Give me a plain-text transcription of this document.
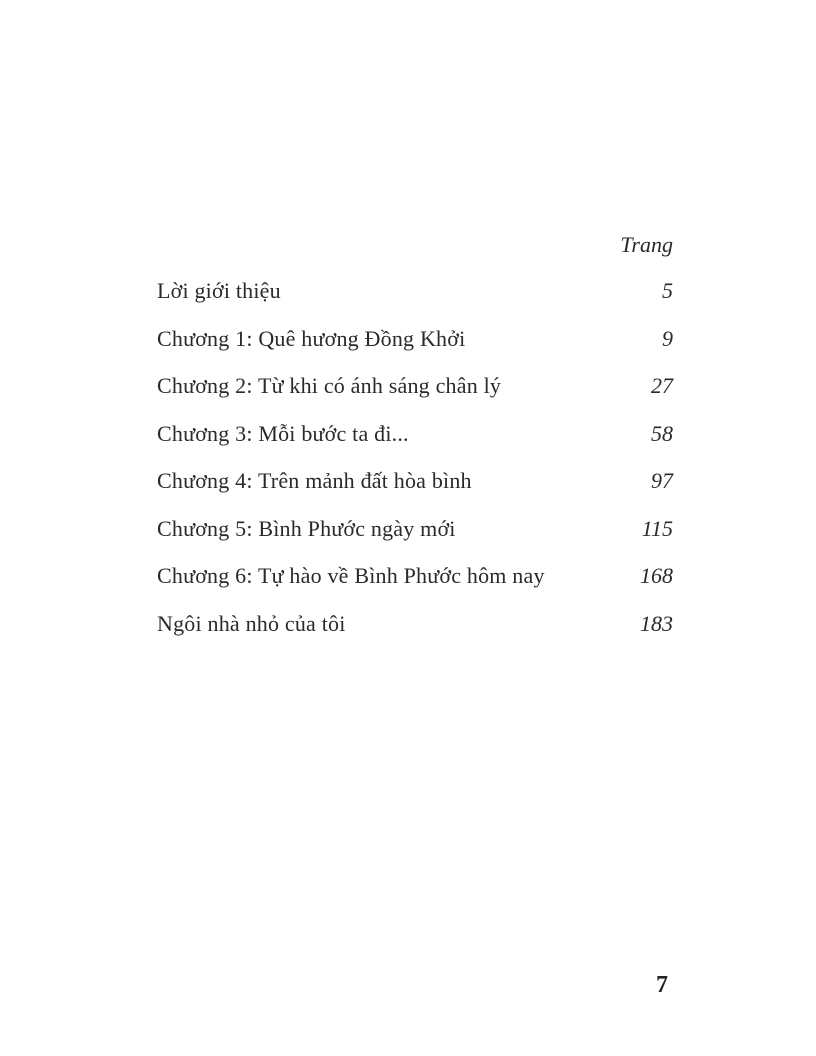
Trang
Lời giới thiệu	5
Chương 1: Quê hương Đồng Khởi	9
Chương 2: Từ khi có ánh sáng chân lý	27
Chương 3: Mỗi bước ta đi...	58
Chương 4: Trên mảnh đất hòa bình	97
Chương 5: Bình Phước ngày mới	115
Chương 6: Tự hào về Bình Phước hôm nay	168
Ngôi nhà nhỏ của tôi	183
7
